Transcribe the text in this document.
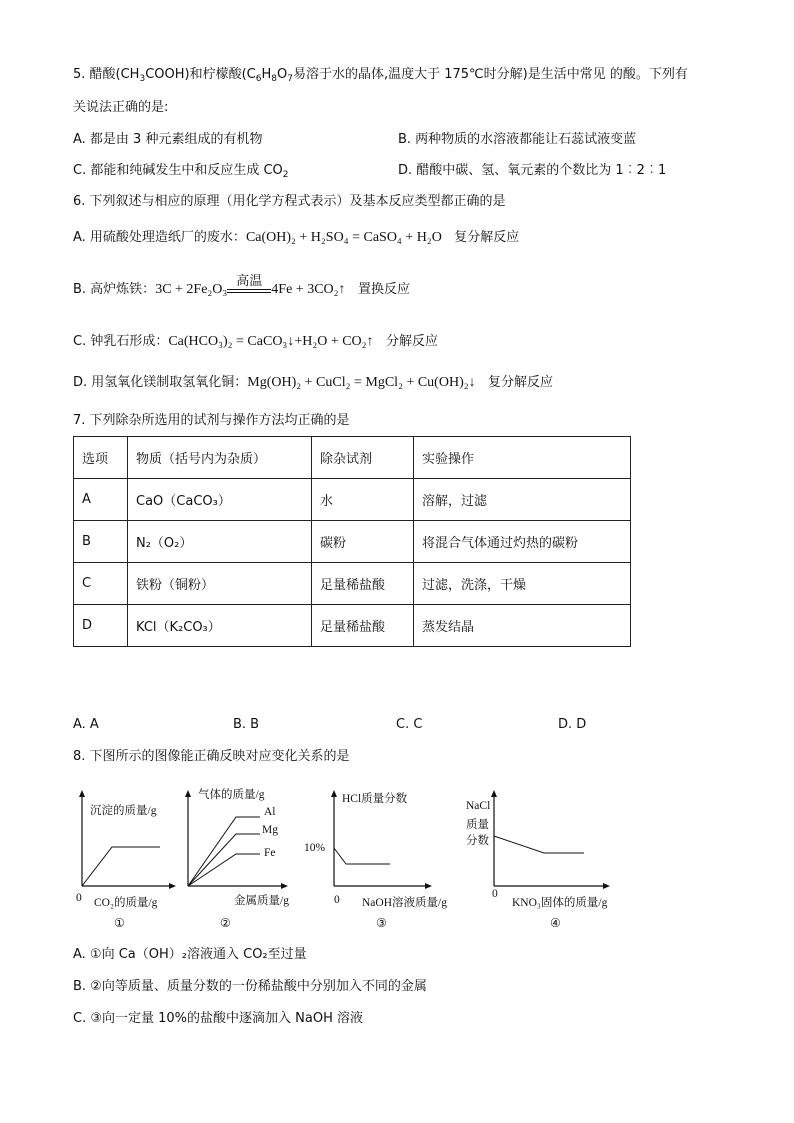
5. 醋酸$(CH_3COOH)$和柠檬酸($C_6H_8O_7$易溶于水的晶体,温度大于 175℃时分解)是生活中常见 的酸。下列有
关说法正确的是:
A. 都是由 3 种元素组成的有机物	B. 两种物质的水溶液都能让石蕊试液变蓝
C. 都能和纯碱发生中和反应生成 $CO_2$	D. 醋酸中碳、氢、氧元素的个数比为 1︰2︰1
6. 下列叙述与相应的原理（用化学方程式表示）及基本反应类型都正确的是
A. 用硫酸处理造纸厂的废水：Ca(OH)₂ + H₂SO₄ = CaSO₄ + H₂O 复分解反应
B. 高炉炼铁：3C + 2Fe₂O₃
高温
4Fe + 3CO₂↑ 置换反应
C. 钟乳石形成：Ca(HCO₃)₂ = CaCO₃↓+H₂O + CO₂↑ 分解反应
D. 用氢氧化镁制取氢氧化铜：Mg(OH)₂ + CuCl₂ = MgCl₂ + Cu(OH)₂↓ 复分解反应
7. 下列除杂所选用的试剂与操作方法均正确的是
选项	物质（括号内为杂质）	除杂试剂	实验操作
A	CaO（CaCO₃）	水	溶解，过滤
B	N₂（O₂）	碳粉	将混合气体通过灼热的碳粉
C	铁粉（铜粉）	足量稀盐酸	过滤，洗涤，干燥
D	KCl（K₂CO₃）	足量稀盐酸	蒸发结晶
A. A	B. B	C. C	D. D
8. 下图所示的图像能正确反映对应变化关系的是
沉淀的质量/g
0 CO₂的质量/g
①
气体的质量/g
Al
Mg
Fe
金属质量/g
②
HCl质量分数
10%
0 NaOH溶液质量/g
③
NaCl
质量
分数
0
KNO₃固体的质量/g
④
A. ①向 Ca（OH）₂溶液通入 CO₂至过量
B. ②向等质量、质量分数的一份稀盐酸中分别加入不同的金属
C. ③向一定量 10%的盐酸中逐滴加入 NaOH 溶液
